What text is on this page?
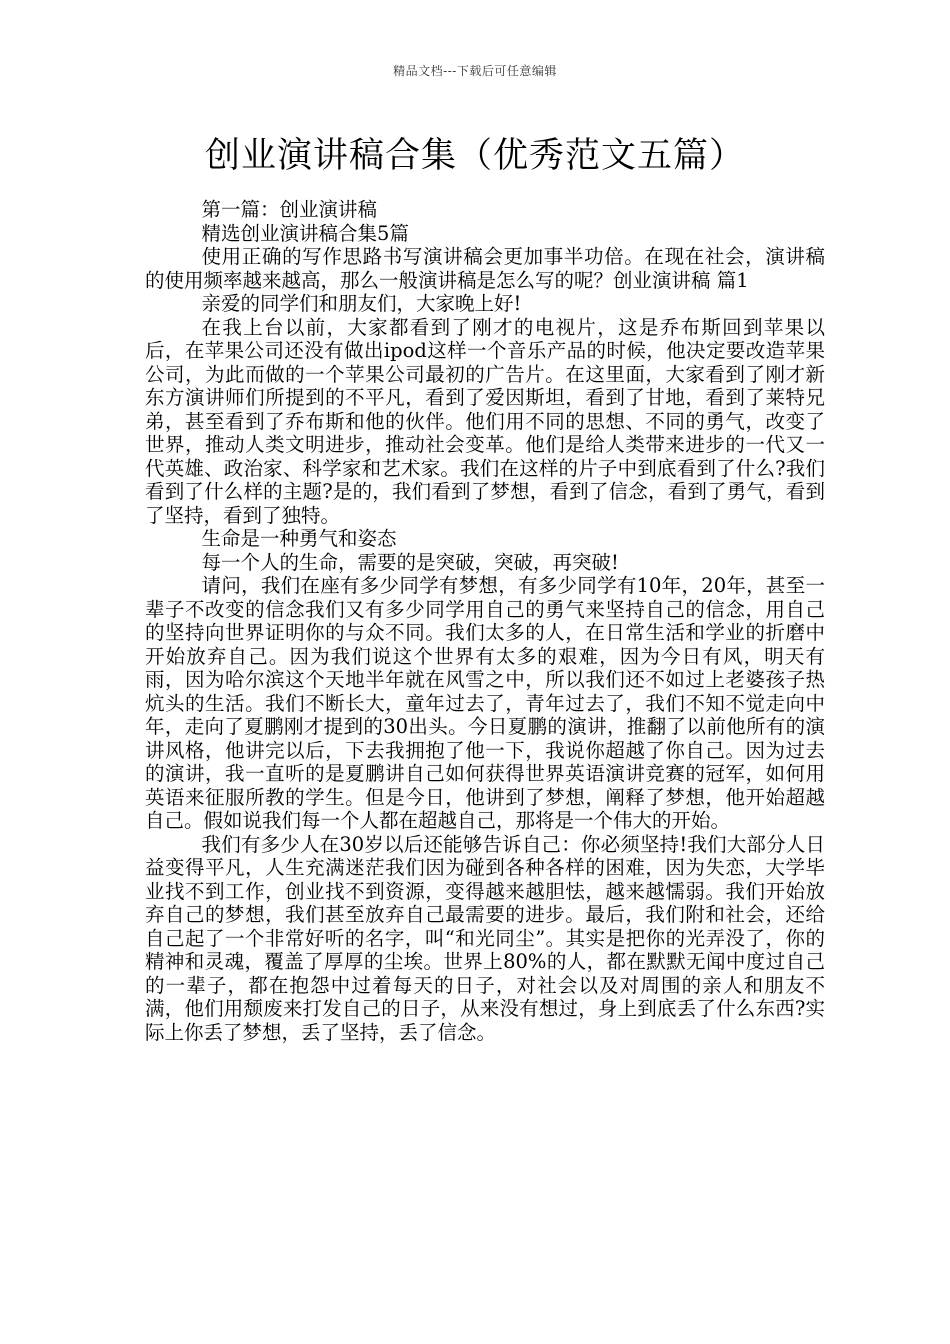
精品文档---下载后可任意编辑
创业演讲稿合集（优秀范文五篇）

第一篇：创业演讲稿

精选创业演讲稿合集5篇

使用正确的写作思路书写演讲稿会更加事半功倍。在现在社会，演讲稿的使用频率越来越高，那么一般演讲稿是怎么写的呢？创业演讲稿 篇1

亲爱的同学们和朋友们，大家晚上好!

在我上台以前，大家都看到了刚才的电视片，这是乔布斯回到苹果以后，在苹果公司还没有做出ipod这样一个音乐产品的时候，他决定要改造苹果公司，为此而做的一个苹果公司最初的广告片。在这里面，大家看到了刚才新东方演讲师们所提到的不平凡，看到了爱因斯坦，看到了甘地，看到了莱特兄弟，甚至看到了乔布斯和他的伙伴。他们用不同的思想、不同的勇气，改变了世界，推动人类文明进步，推动社会变革。他们是给人类带来进步的一代又一代英雄、政治家、科学家和艺术家。我们在这样的片子中到底看到了什么?我们看到了什么样的主题?是的，我们看到了梦想，看到了信念，看到了勇气，看到了坚持，看到了独特。

生命是一种勇气和姿态

每一个人的生命，需要的是突破，突破，再突破!

请问，我们在座有多少同学有梦想，有多少同学有10年，20年，甚至一辈子不改变的信念我们又有多少同学用自己的勇气来坚持自己的信念，用自己的坚持向世界证明你的与众不同。我们太多的人，在日常生活和学业的折磨中开始放弃自己。因为我们说这个世界有太多的艰难，因为今日有风，明天有雨，因为哈尔滨这个天地半年就在风雪之中，所以我们还不如过上老婆孩子热炕头的生活。我们不断长大，童年过去了，青年过去了，我们不知不觉走向中年，走向了夏鹏刚才提到的30出头。今日夏鹏的演讲，推翻了以前他所有的演讲风格，他讲完以后，下去我拥抱了他一下，我说你超越了你自己。因为过去的演讲，我一直听的是夏鹏讲自己如何获得世界英语演讲竞赛的冠军，如何用英语来征服所教的学生。但是今日，他讲到了梦想，阐释了梦想，他开始超越自己。假如说我们每一个人都在超越自己，那将是一个伟大的开始。

我们有多少人在30岁以后还能够告诉自己：你必须坚持!我们大部分人日益变得平凡，人生充满迷茫我们因为碰到各种各样的困难，因为失恋，大学毕业找不到工作，创业找不到资源，变得越来越胆怯，越来越懦弱。我们开始放弃自己的梦想，我们甚至放弃自己最需要的进步。最后，我们附和社会，还给自己起了一个非常好听的名字，叫“和光同尘”。其实是把你的光弄没了，你的精神和灵魂，覆盖了厚厚的尘埃。世界上80%的人，都在默默无闻中度过自己的一辈子，都在抱怨中过着每天的日子，对社会以及对周围的亲人和朋友不满，他们用颓废来打发自己的日子，从来没有想过，身上到底丢了什么东西?实际上你丢了梦想，丢了坚持，丢了信念。
